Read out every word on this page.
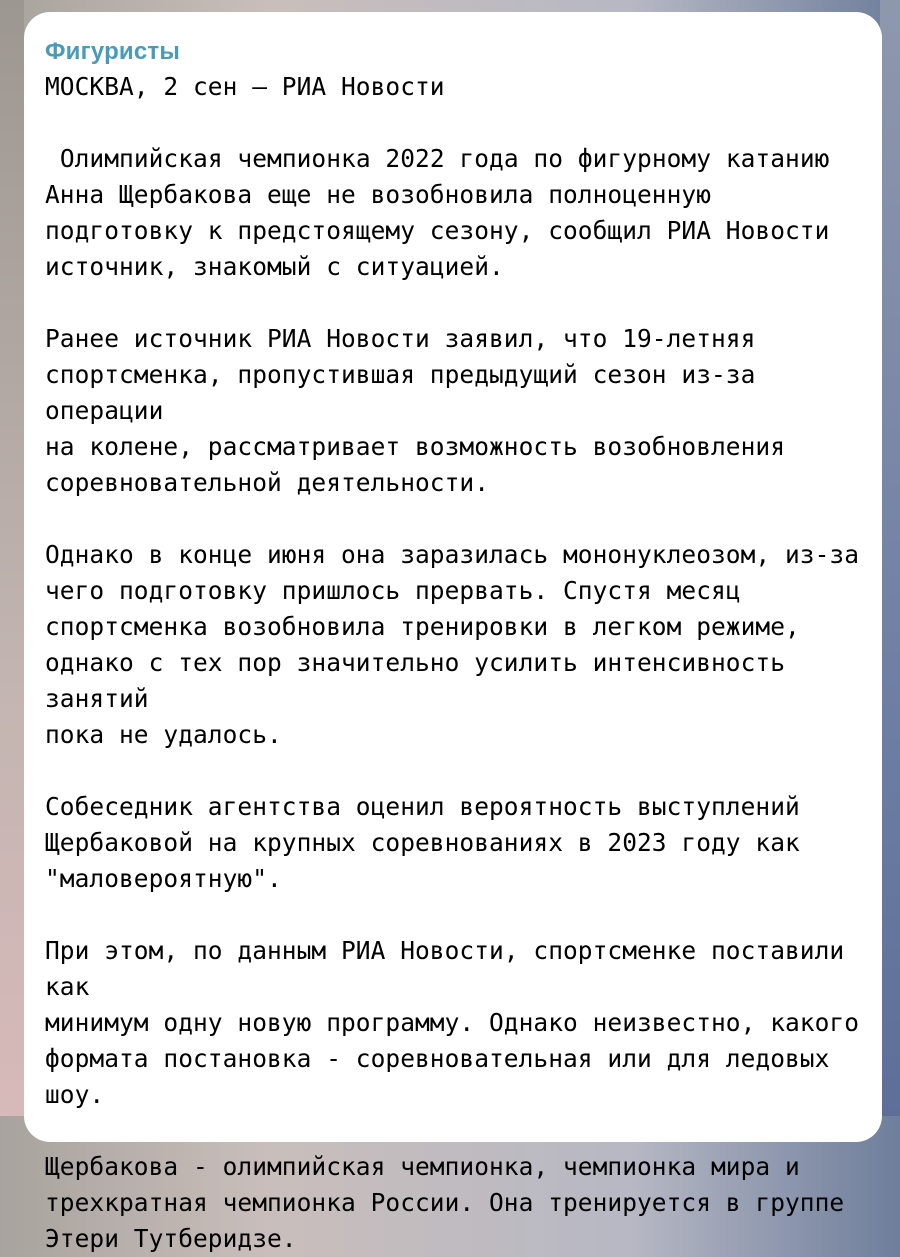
Фигуристы
МОСКВА, 2 сен – РИА Новости

Олимпийская чемпионка 2022 года по фигурному катанию
Анна Щербакова еще не возобновила полноценную
подготовку к предстоящему сезону, сообщил РИА Новости
источник, знакомый с ситуацией.

Ранее источник РИА Новости заявил, что 19-летняя
спортсменка, пропустившая предыдущий сезон из-за операции
на колене, рассматривает возможность возобновления
соревновательной деятельности.

Однако в конце июня она заразилась мононуклеозом, из-за
чего подготовку пришлось прервать. Спустя месяц
спортсменка возобновила тренировки в легком режиме,
однако с тех пор значительно усилить интенсивность занятий
пока не удалось.

Собеседник агентства оценил вероятность выступлений
Щербаковой на крупных соревнованиях в 2023 году как
"маловероятную".

При этом, по данным РИА Новости, спортсменке поставили как
минимум одну новую программу. Однако неизвестно, какого
формата постановка - соревновательная или для ледовых шоу.

Щербакова - олимпийская чемпионка, чемпионка мира и
трехкратная чемпионка России. Она тренируется в группе
Этери Тутберидзе.
